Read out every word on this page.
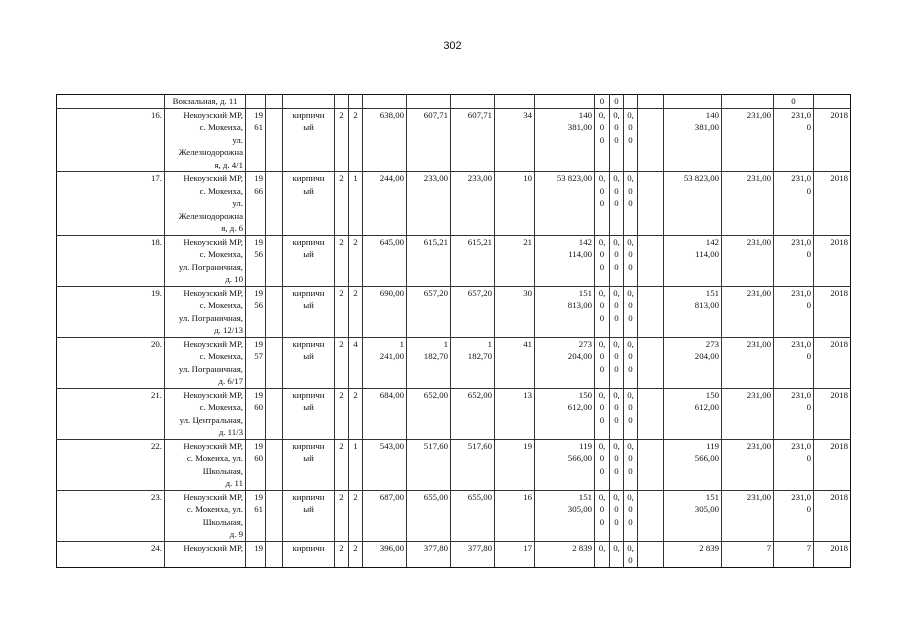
302
	Вокзальная, д. 11											0	0					0	
16.	Некоузский МР,
с. Мокеиха,
ул.
Железнодорожна
я, д. 4/1	19
61		кирпичн
ый	2	2	638,00	607,71	607,71	34	140
381,00	0,
0
0	0,
0
0	0,0
0		140
381,00	231,00	231,0
0	2018
17.	Некоузский МР,
с. Мокеиха,
ул.
Железнодорожна
я, д. 6	19
66		кирпичн
ый	2	1	244,00	233,00	233,00	10	53 823,00	0,
0
0	0,
0
0	0,0
0		53 823,00	231,00	231,0
0	2018
18.	Некоузский МР,
с. Мокеиха,
ул. Пограничная,
д. 10	19
56		кирпичн
ый	2	2	645,00	615,21	615,21	21	142
114,00	0,
0
0	0,
0
0	0,0
0		142
114,00	231,00	231,0
0	2018
19.	Некоузский МР,
с. Мокеиха,
ул. Пограничная,
д. 12/13	19
56		кирпичн
ый	2	2	690,00	657,20	657,20	30	151
813,00	0,
0
0	0,
0
0	0,0
0		151
813,00	231,00	231,0
0	2018
20.	Некоузский МР,
с. Мокеиха,
ул. Пограничная,
д. 6/17	19
57		кирпичн
ый	2	4	1
241,00	1
182,70	1
182,70	41	273
204,00	0,
0
0	0,
0
0	0,0
0		273
204,00	231,00	231,0
0	2018
21.	Некоузский МР,
с. Мокеиха,
ул. Центральная,
д. 11/3	19
60		кирпичн
ый	2	2	684,00	652,00	652,00	13	150
612,00	0,
0
0	0,
0
0	0,0
0		150
612,00	231,00	231,0
0	2018
22.	Некоузский МР,
с. Мокеиха, ул.
Школьная,
д. 11	19
60		кирпичн
ый	2	1	543,00	517,60	517,60	19	119
566,00	0,
0
0	0,
0
0	0,0
0		119
566,00	231,00	231,0
0	2018
23.	Некоузский МР,
с. Мокеиха, ул.
Школьная,
д. 9	19
61		кирпичн
ый	2	2	687,00	655,00	655,00	16	151
305,00	0,
0
0	0,
0
0	0,0
0		151
305,00	231,00	231,0
0	2018
24.	Некоузский МР,	19		кирпичн	2	2	396,00	377,80	377,80	17	2 839	0,	0,	0,0		2 839	7	7	2018
